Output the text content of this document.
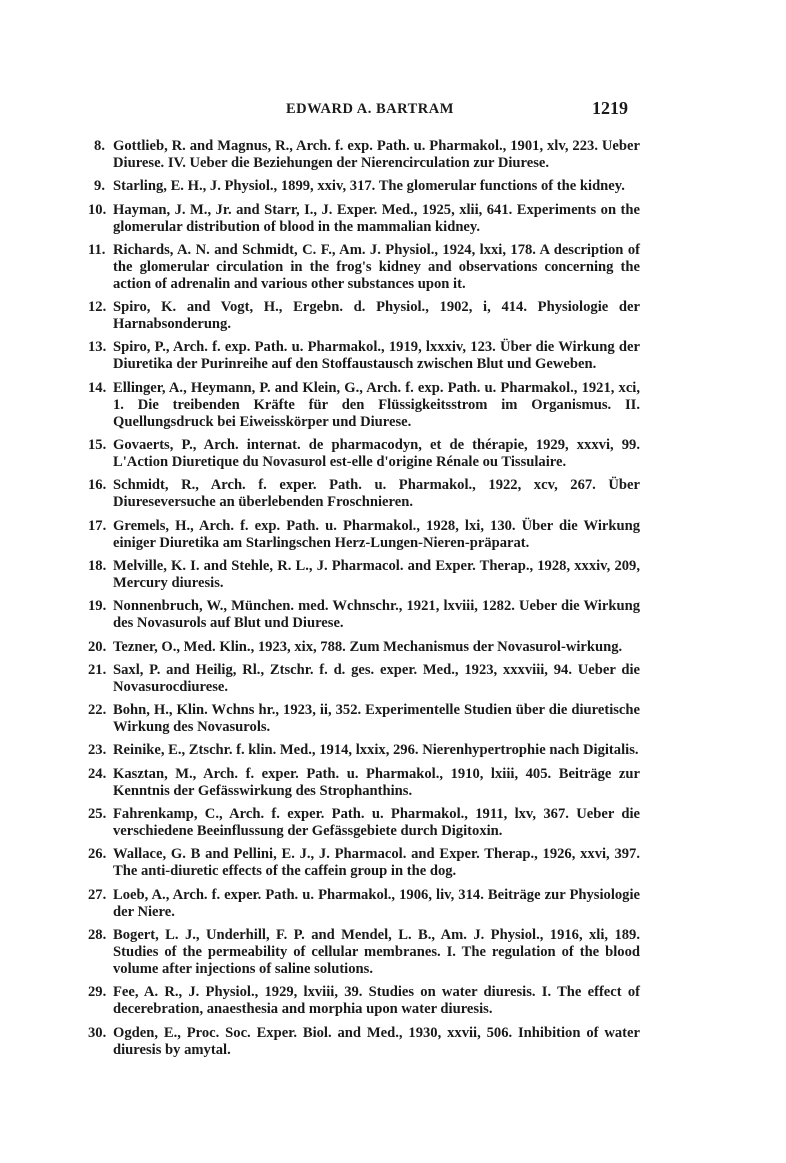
EDWARD A. BARTRAM	1219
8. Gottlieb, R. and Magnus, R., Arch. f. exp. Path. u. Pharmakol., 1901, xlv, 223. Ueber Diurese. IV. Ueber die Beziehungen der Nierencirculation zur Diurese.
9. Starling, E. H., J. Physiol., 1899, xxiv, 317. The glomerular functions of the kidney.
10. Hayman, J. M., Jr. and Starr, I., J. Exper. Med., 1925, xlii, 641. Experiments on the glomerular distribution of blood in the mammalian kidney.
11. Richards, A. N. and Schmidt, C. F., Am. J. Physiol., 1924, lxxi, 178. A description of the glomerular circulation in the frog's kidney and observations concerning the action of adrenalin and various other substances upon it.
12. Spiro, K. and Vogt, H., Ergebn. d. Physiol., 1902, i, 414. Physiologie der Harnabsonderung.
13. Spiro, P., Arch. f. exp. Path. u. Pharmakol., 1919, lxxxiv, 123. Über die Wirkung der Diuretika der Purinreihe auf den Stoffaustausch zwischen Blut und Geweben.
14. Ellinger, A., Heymann, P. and Klein, G., Arch. f. exp. Path. u. Pharmakol., 1921, xci, 1. Die treibenden Kräfte für den Flüssigkeitsstrom im Organismus. II. Quellungsdruck bei Eiweisskörper und Diurese.
15. Govaerts, P., Arch. internat. de pharmacodyn, et de thérapie, 1929, xxxvi, 99. L'Action Diuretique du Novasurol est-elle d'origine Rénale ou Tissulaire.
16. Schmidt, R., Arch. f. exper. Path. u. Pharmakol., 1922, xcv, 267. Über Diureseversuche an überlebenden Froschnieren.
17. Gremels, H., Arch. f. exp. Path. u. Pharmakol., 1928, lxi, 130. Über die Wirkung einiger Diuretika am Starlingschen Herz-Lungen-Nieren-präparat.
18. Melville, K. I. and Stehle, R. L., J. Pharmacol. and Exper. Therap., 1928, xxxiv, 209, Mercury diuresis.
19. Nonnenbruch, W., München. med. Wchnschr., 1921, lxviii, 1282. Ueber die Wirkung des Novasurols auf Blut und Diurese.
20. Tezner, O., Med. Klin., 1923, xix, 788. Zum Mechanismus der Novasurol-wirkung.
21. Saxl, P. and Heilig, Rl., Ztschr. f. d. ges. exper. Med., 1923, xxxviii, 94. Ueber die Novasurocdiurese.
22. Bohn, H., Klin. Wchns hr., 1923, ii, 352. Experimentelle Studien über die diuretische Wirkung des Novasurols.
23. Reinike, E., Ztschr. f. klin. Med., 1914, lxxix, 296. Nierenhypertrophie nach Digitalis.
24. Kasztan, M., Arch. f. exper. Path. u. Pharmakol., 1910, lxiii, 405. Beiträge zur Kenntnis der Gefässwirkung des Strophanthins.
25. Fahrenkamp, C., Arch. f. exper. Path. u. Pharmakol., 1911, lxv, 367. Ueber die verschiedene Beeinflussung der Gefässgebiete durch Digitoxin.
26. Wallace, G. B and Pellini, E. J., J. Pharmacol. and Exper. Therap., 1926, xxvi, 397. The anti-diuretic effects of the caffein group in the dog.
27. Loeb, A., Arch. f. exper. Path. u. Pharmakol., 1906, liv, 314. Beiträge zur Physiologie der Niere.
28. Bogert, L. J., Underhill, F. P. and Mendel, L. B., Am. J. Physiol., 1916, xli, 189. Studies of the permeability of cellular membranes. I. The regulation of the blood volume after injections of saline solutions.
29. Fee, A. R., J. Physiol., 1929, lxviii, 39. Studies on water diuresis. I. The effect of decerebration, anaesthesia and morphia upon water diuresis.
30. Ogden, E., Proc. Soc. Exper. Biol. and Med., 1930, xxvii, 506. Inhibition of water diuresis by amytal.
